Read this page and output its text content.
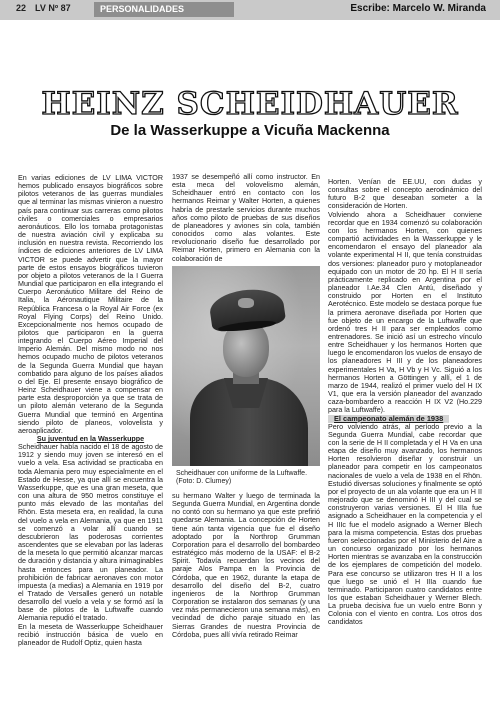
22 LV Nº 87	PERSONALIDADES	Escribe: Marcelo W. Miranda
HEINZ SCHEIDHAUER
De la Wasserkuppe a Vicuña Mackenna

En varias ediciones de LV LIMA VICTOR hemos publicado ensayos biográficos sobre pilotos veteranos de las guerras mundiales que al terminar las mismas vinieron a nuestro país para continuar sus carreras como pilotos civiles o comerciales o empresarios aeronáuticos. Ello los tornaba protagonistas de nuestra aviación civil y explicaba su inclusión en nuestra revista. Recorriendo los índices de ediciones anteriores de LV LIMA VICTOR se puede advertir que la mayor parte de estos ensayos biográficos tuvieron por objeto a pilotos veteranos de la I Guerra Mundial que participaron en ella integrando el Cuerpo Aeronáutico Militare del Reino de Italia, la Aéronautique Militaire de la República Francesa o la Royal Air Force (ex Royal Flying Corps) del Reino Unido. Excepcionalmente nos hemos ocupado de pilotos que participaron en la guerra integrando el Cuerpo Aéreo Imperial del Imperio Alemán. Del mismo modo no nos hemos ocupado mucho de pilotos veteranos de la Segunda Guerra Mundial que hayan combatido para alguno de los países aliados o del Eje. El presente ensayo biográfico de Heinz Scheidhauer viene a compensar en parte esta desproporción ya que se trata de un piloto alemán veterano de la Segunda Guerra Mundial que terminó en Argentina siendo piloto de planeos, volovelista y aeroaplicador.

Su juventud en la Wasserkuppe

Scheidhauer había nacido el 18 de agosto de 1912 y siendo muy joven se interesó en el vuelo a vela. Esa actividad se practicaba en toda Alemania pero muy especialmente en el Estado de Hesse, ya que allí se encuentra la Wasserkuppe, que es una gran meseta, que con una altura de 950 metros constituye el punto más elevado de las montañas del Rhön. Esta meseta era, en realidad, la cuna del vuelo a vela en Alemania, ya que en 1911 se comenzó a volar allí cuando se descubrieron las poderosas corrientes ascendentes que se elevaban por las laderas de la meseta lo que permitió alcanzar marcas de duración y distancia y altura inimaginables hasta entonces para un planeador. La prohibición de fabricar aeronaves con motor impuesta (a medias) a Alemania en 1919 por el Tratado de Versalles generó un notable desarrollo del vuelo a vela y se formó así la base de pilotos de la Luftwaffe cuando Alemania repudió el tratado.

En la meseta de Wasserkuppe Scheidhauer recibió instrucción básica de vuelo en planeador de Rudolf Optiz, quien hasta

1937 se desempeñó allí como instructor. En esta meca del volovelismo alemán, Scheidhauer entró en contacto con los hermanos Reimar y Walter Horten, a quienes habría de prestarle servicios durante muchos años como piloto de pruebas de sus diseños de planeadores y aviones sin cola, también conocidos como alas volantes. Este revolucionario diseño fue desarrollado por Reimar Horten, primero en Alemania con la colaboración de

Scheidhauer con uniforme de la Luftwaffe. (Foto: D. Clumey)

su hermano Walter y luego de terminada la Segunda Guerra Mundial, en Argentina donde no contó con su hermano ya que este prefirió quedarse Alemania. La concepción de Horten tiene aún tanta vigencia que fue el diseño adoptado por la Northrop Grumman Corporation para el desarrollo del bombardeo estratégico más moderno de la USAF: el B-2 Spirit. Todavía recuerdan los vecinos del paraje Alos Pampa en la Provincia de Córdoba, que en 1962, durante la etapa de desarrollo del diseño del B-2, cuatro ingenieros de la Northrop Grumman Corporation se instalaron dos semanas (y una vez más permanecieron una semana más), en vecindad de dicho paraje situado en las Sierras Grandes de nuestra Provincia de Córdoba, pues allí vivía retirado Reimar

Horten. Venían de EE.UU, con dudas y consultas sobre el concepto aerodinámico del futuro B-2 que deseaban someter a la consideración de Horten.

Volviendo ahora a Scheidhauer conviene recordar que en 1934 comenzó su colaboración con los hermanos Horten, con quienes compartió actividades en la Wasserkuppe y le encomendaron el ensayo del planeador ala volante experimental H II, que tenía construidas dos versiones: planeador puro y motoplaneador equipado con un motor de 20 hp. El H II sería prácticamente replicado en Argentina por el planeador I.Ae.34 Clen Antú, diseñado y construido por Horten en el Instituto Aerotécnico. Este modelo se destaca porque fue la primera aeronave diseñada por Horten que fue objeto de un encargo de la Luftwaffe que ordenó tres H II para ser empleados como entrenadores. Se inició así un estrecho vínculo entre Scheidhauer y los hermanos Horten que luego le encomendaron los vuelos de ensayo de los planeadores H III y de los planeadores experimentales H Va, H Vb y H Vc. Siguió a los hermanos Horten a Göttingen y allí, el 1 de marzo de 1944, realizó el primer vuelo del H IX V1, que era la versión planeador del avanzado caza-bombardero a reacción H IX V2 (Ho.229 para la Luftwaffe).

El campeonato alemán de 1938

Pero volviendo atrás, al período previo a la Segunda Guerra Mundial, cabe recordar que con la serie de H II completada y el H Va en una etapa de diseño muy avanzado, los hermanos Horten resolvieron diseñar y construir un planeador para competir en los campeonatos nacionales de vuelo a vela de 1938 en el Rhön. Estudió diversas soluciones y finalmente se optó por el proyecto de un ala volante que era un H II mejorado que se denominó H III y del cual se construyeron varias versiones. El H IIIa fue asignado a Scheidhauer en la competencia y el H IIIc fue el modelo asignado a Werner Blech para la misma competencia. Estas dos pruebas fueron seleccionadas por el Ministerio del Aire a un concurso organizado por los hermanos Horten mientras se avanzaba en la construcción de los ejemplares de competición del modelo. Para ese concurso se utilizaron tres H II a los que luego se unió el H IIIa cuando fue terminado. Participaron cuatro candidatos entre los que estaban Scheidhauer y Werner Blech. La prueba decisiva fue un vuelo entre Bonn y Colonia con el viento en contra. Los otros dos candidatos
